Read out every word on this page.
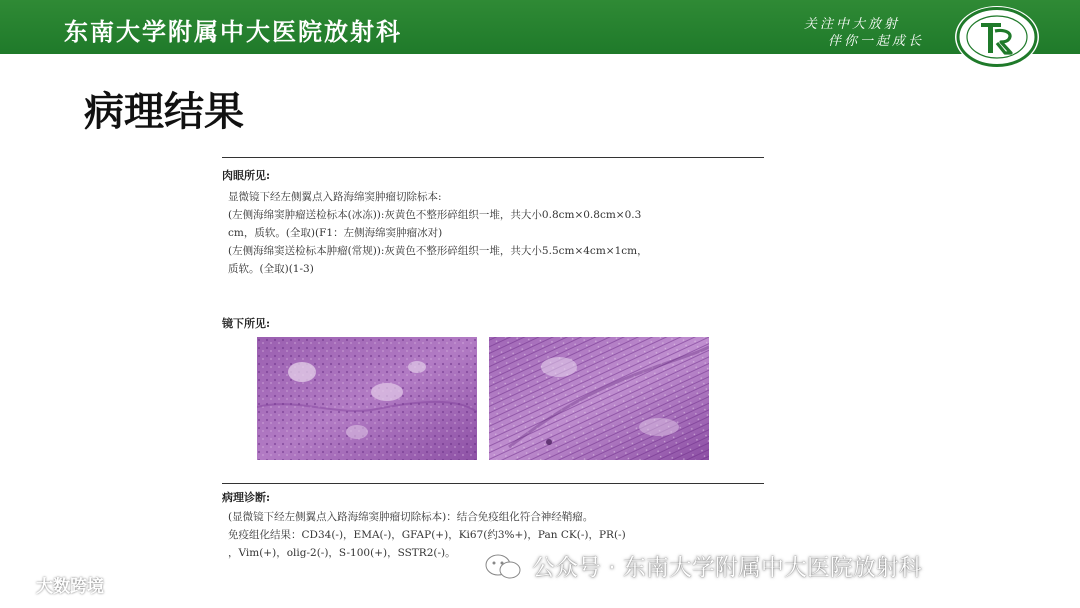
东南大学附属中大医院放射科	关注中大放射
伴你一起成长
病理结果
肉眼所见:
显微镜下经左侧翼点入路海绵窦肿瘤切除标本:
(左侧海绵窦肿瘤送检标本(冰冻)):灰黄色不整形碎组织一堆，共大小0.8cm×0.8cm×0.3
cm，质软。(全取)(F1：左侧海绵窦肿瘤冰对)
(左侧海绵窦送检标本肿瘤(常规)):灰黄色不整形碎组织一堆，共大小5.5cm×4cm×1cm，
质软。(全取)(1-3)
镜下所见:
病理诊断:
(显微镜下经左侧翼点入路海绵窦肿瘤切除标本)：结合免疫组化符合神经鞘瘤。
免疫组化结果：CD34(-)，EMA(-)，GFAP(+)，Ki67(约3%+)，Pan CK(-)，PR(-)
，Vim(+)，olig-2(-)，S-100(+)，SSTR2(-)。
公众号 · 东南大学附属中大医院放射科
大数跨境
